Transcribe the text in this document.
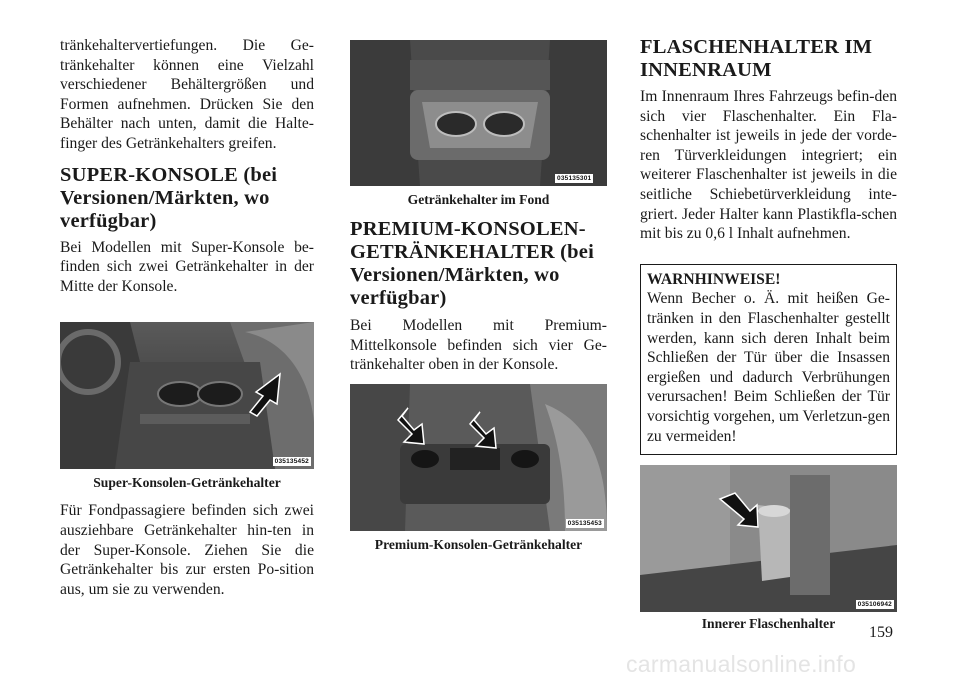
tränkehaltervertiefungen. Die Ge-tränkehalter können eine Vielzahl verschiedener Behältergrößen und Formen aufnehmen. Drücken Sie den Behälter nach unten, damit die Halte-finger des Getränkehalters greifen.

SUPER-KONSOLE (bei Versionen/Märkten, wo verfügbar)

Bei Modellen mit Super-Konsole be-finden sich zwei Getränkehalter in der Mitte der Konsole.

035135452
Super-Konsolen-Getränkehalter

Für Fondpassagiere befinden sich zwei ausziehbare Getränkehalter hin-ten in der Super-Konsole. Ziehen Sie die Getränkehalter bis zur ersten Po-sition aus, um sie zu verwenden.

035135301
Getränkehalter im Fond
PREMIUM-KONSOLEN-GETRÄNKEHALTER (bei Versionen/Märkten, wo verfügbar)

Bei Modellen mit Premium-Mittelkonsole befinden sich vier Ge-tränkehalter oben in der Konsole.

035135453
Premium-Konsolen-Getränkehalter
FLASCHENHALTER IM INNENRAUM

Im Innenraum Ihres Fahrzeugs befin-den sich vier Flaschenhalter. Ein Fla-schenhalter ist jeweils in jede der vorde-ren Türverkleidungen integriert; ein weiterer Flaschenhalter ist jeweils in die seitliche Schiebetürverkleidung inte-griert. Jeder Halter kann Plastikfla-schen mit bis zu 0,6 l Inhalt aufnehmen.

WARNHINWEISE!

Wenn Becher o. Ä. mit heißen Ge-tränken in den Flaschenhalter gestellt werden, kann sich deren Inhalt beim Schließen der Tür über die Insassen ergießen und dadurch Verbrühungen verursachen! Beim Schließen der Tür vorsichtig vorgehen, um Verletzun-gen zu vermeiden!

035106942
Innerer Flaschenhalter
159
carmanualsonline.info
